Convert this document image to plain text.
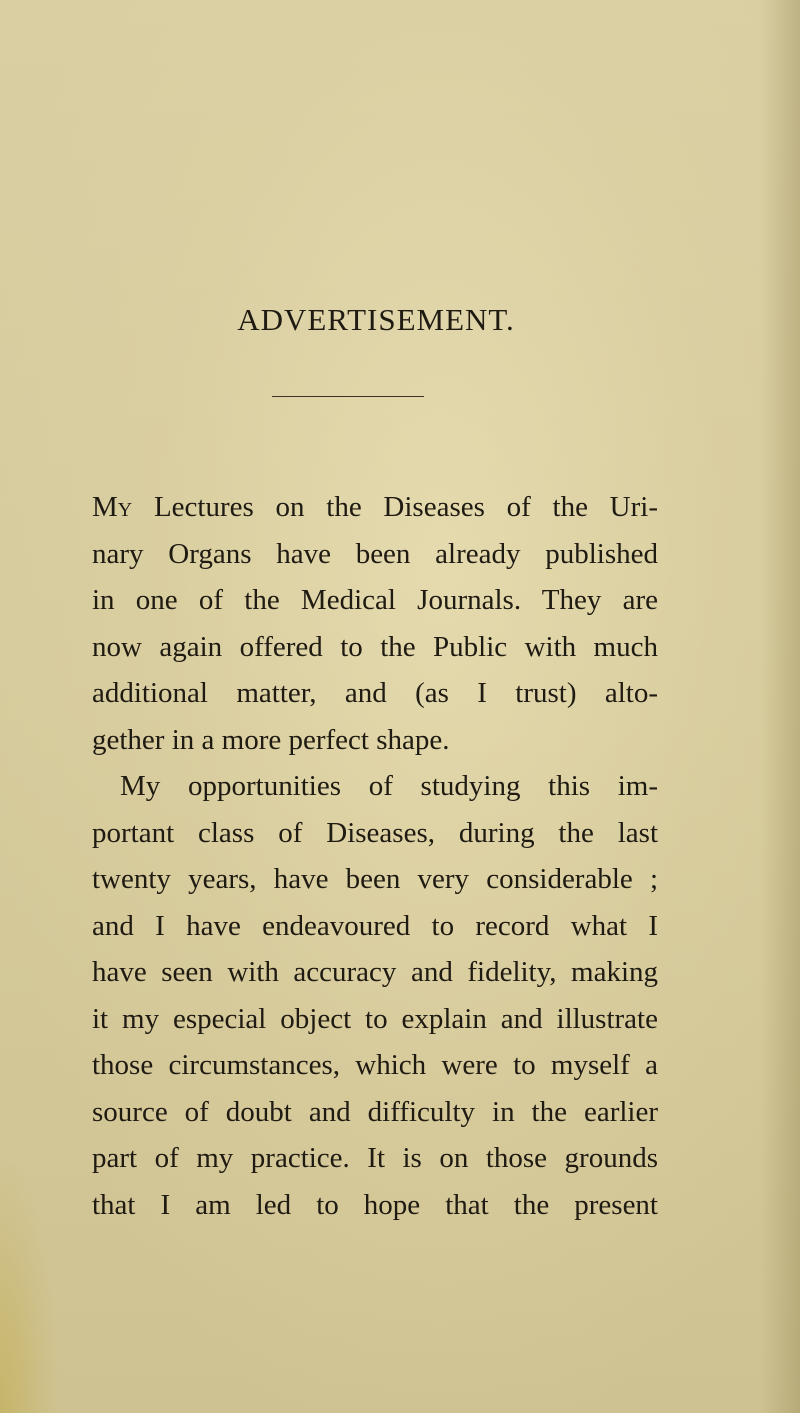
ADVERTISEMENT.
My Lectures on the Diseases of the Uri-
nary Organs have been already published
in one of the Medical Journals. They are
now again offered to the Public with much
additional matter, and (as I trust) alto-
gether in a more perfect shape.
My opportunities of studying this im-
portant class of Diseases, during the last
twenty years, have been very considerable ;
and I have endeavoured to record what I
have seen with accuracy and fidelity, making
it my especial object to explain and illustrate
those circumstances, which were to myself a
source of doubt and difficulty in the earlier
part of my practice. It is on those grounds
that I am led to hope that the present
